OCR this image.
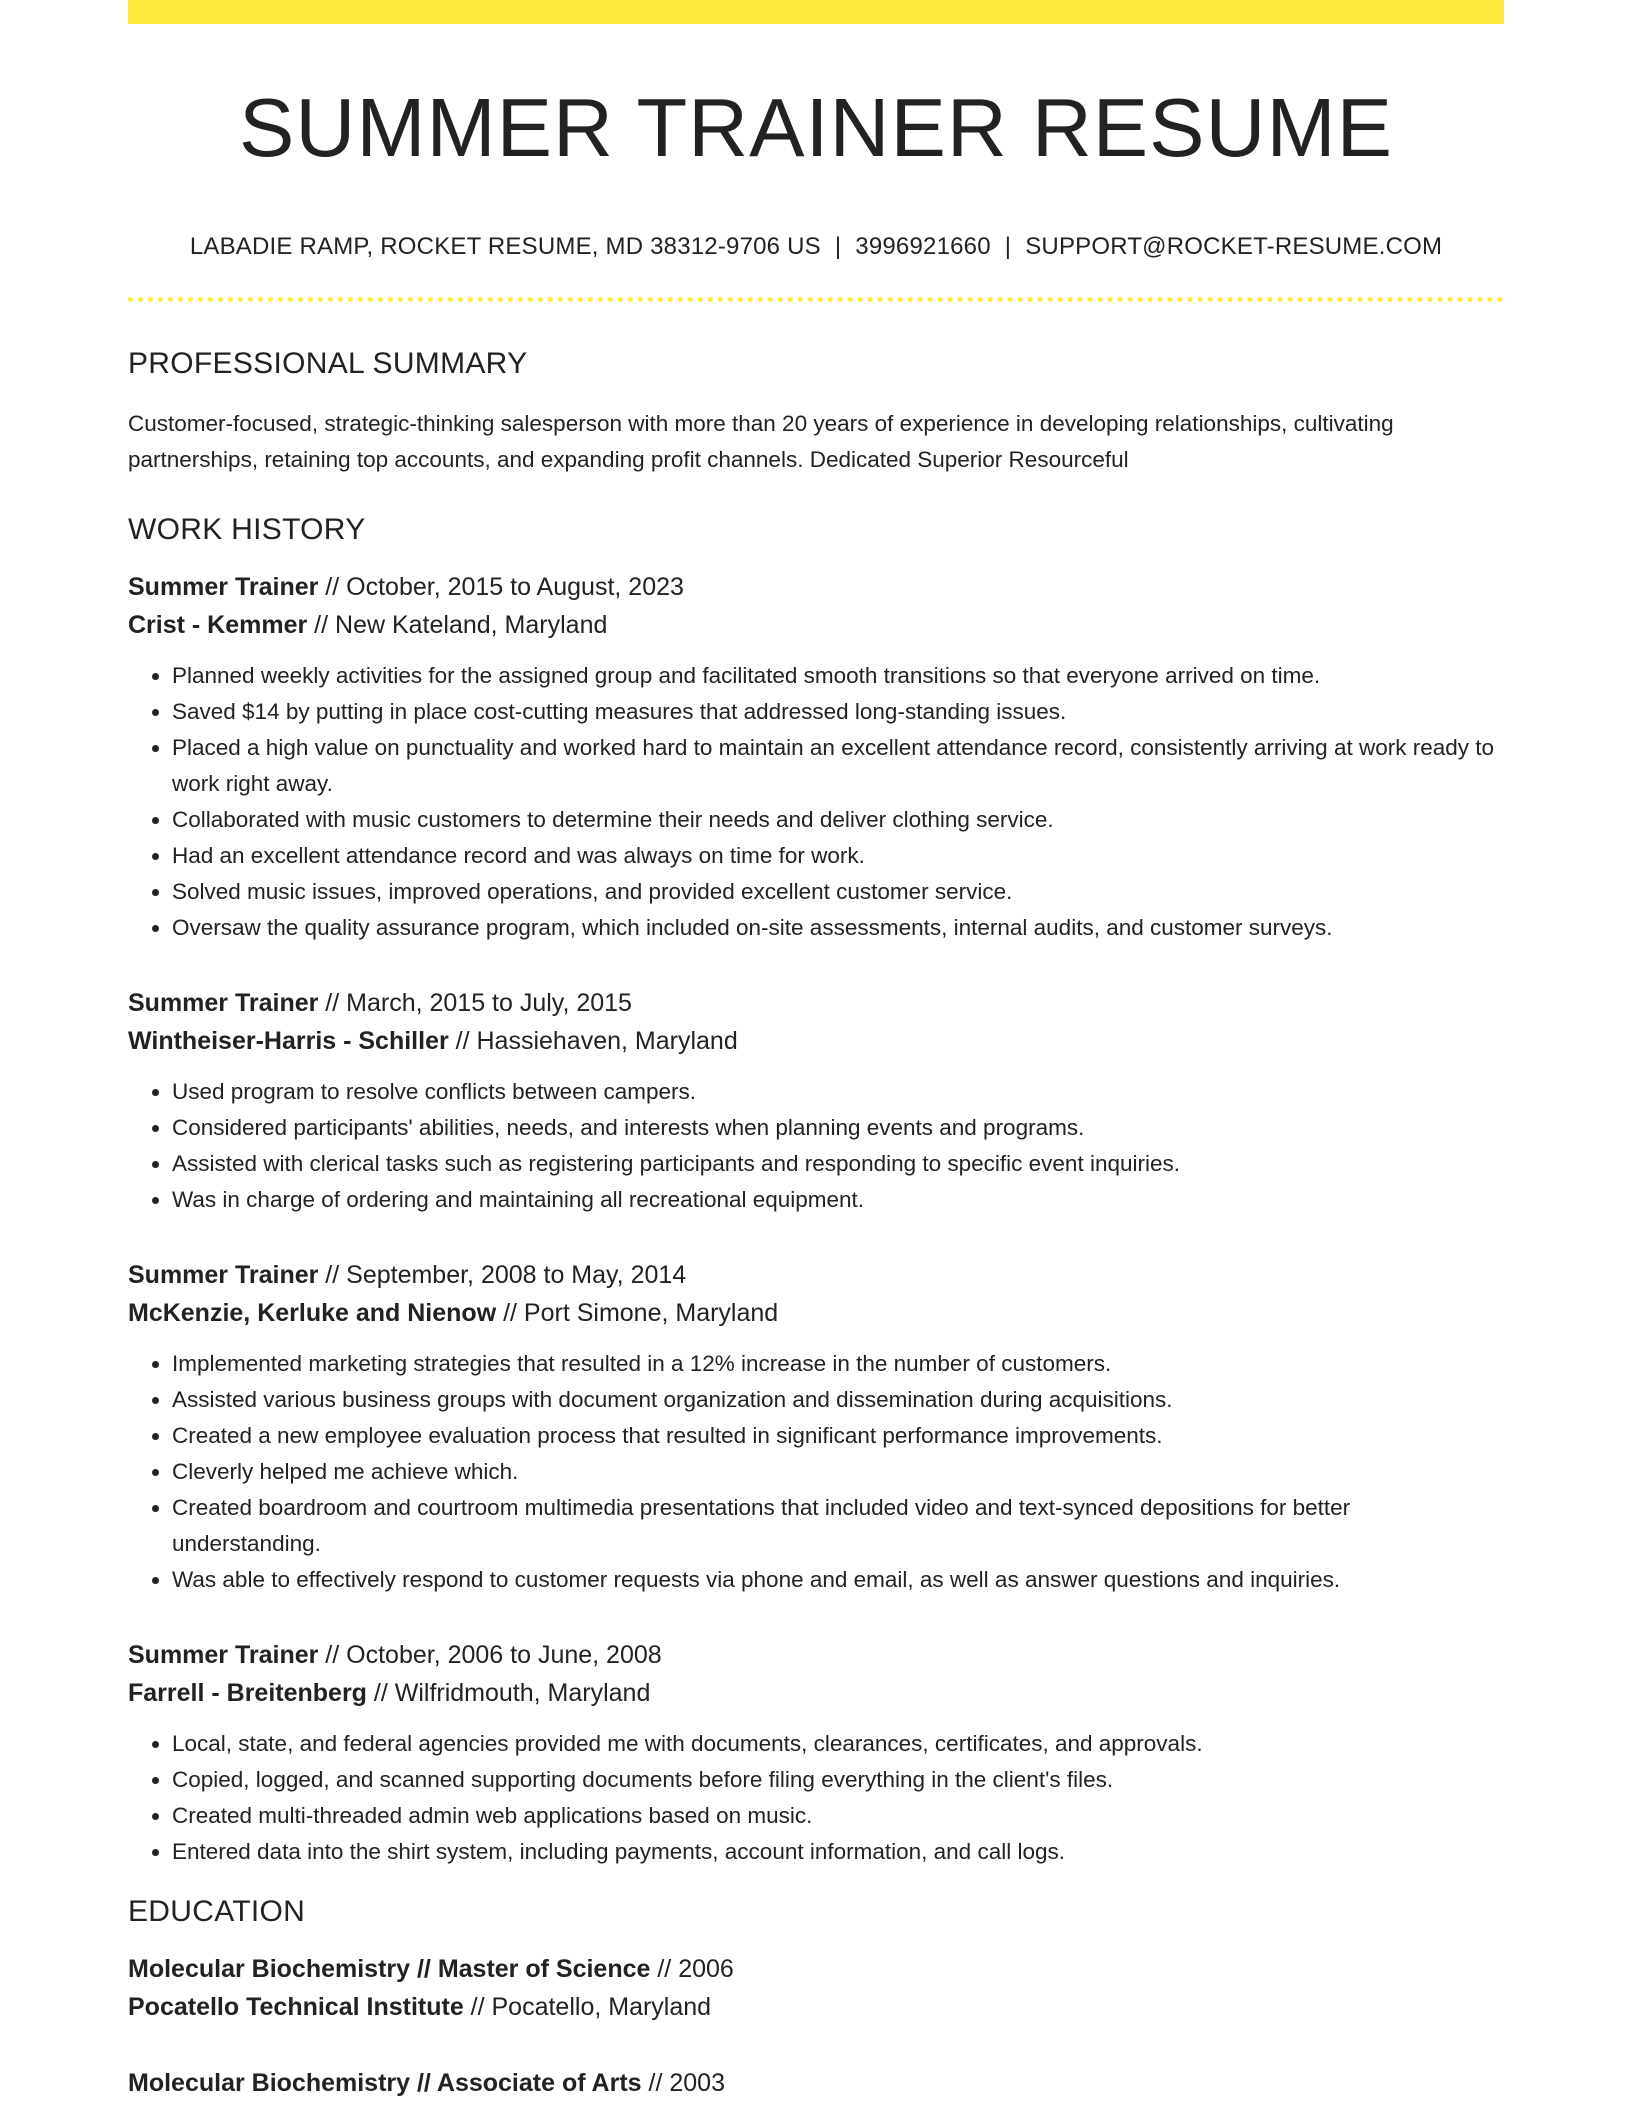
SUMMER TRAINER RESUME
LABADIE RAMP, ROCKET RESUME, MD 38312-9706 US | 3996921660 | SUPPORT@ROCKET-RESUME.COM
PROFESSIONAL SUMMARY
Customer-focused, strategic-thinking salesperson with more than 20 years of experience in developing relationships, cultivating partnerships, retaining top accounts, and expanding profit channels. Dedicated Superior Resourceful
WORK HISTORY
Summer Trainer // October, 2015 to August, 2023
Crist - Kemmer // New Kateland, Maryland
• Planned weekly activities for the assigned group and facilitated smooth transitions so that everyone arrived on time.
• Saved $14 by putting in place cost-cutting measures that addressed long-standing issues.
• Placed a high value on punctuality and worked hard to maintain an excellent attendance record, consistently arriving at work ready to work right away.
• Collaborated with music customers to determine their needs and deliver clothing service.
• Had an excellent attendance record and was always on time for work.
• Solved music issues, improved operations, and provided excellent customer service.
• Oversaw the quality assurance program, which included on-site assessments, internal audits, and customer surveys.
Summer Trainer // March, 2015 to July, 2015
Wintheiser-Harris - Schiller // Hassiehaven, Maryland
• Used program to resolve conflicts between campers.
• Considered participants' abilities, needs, and interests when planning events and programs.
• Assisted with clerical tasks such as registering participants and responding to specific event inquiries.
• Was in charge of ordering and maintaining all recreational equipment.
Summer Trainer // September, 2008 to May, 2014
McKenzie, Kerluke and Nienow // Port Simone, Maryland
• Implemented marketing strategies that resulted in a 12% increase in the number of customers.
• Assisted various business groups with document organization and dissemination during acquisitions.
• Created a new employee evaluation process that resulted in significant performance improvements.
• Cleverly helped me achieve which.
• Created boardroom and courtroom multimedia presentations that included video and text-synced depositions for better understanding.
• Was able to effectively respond to customer requests via phone and email, as well as answer questions and inquiries.
Summer Trainer // October, 2006 to June, 2008
Farrell - Breitenberg // Wilfridmouth, Maryland
• Local, state, and federal agencies provided me with documents, clearances, certificates, and approvals.
• Copied, logged, and scanned supporting documents before filing everything in the client's files.
• Created multi-threaded admin web applications based on music.
• Entered data into the shirt system, including payments, account information, and call logs.
EDUCATION
Molecular Biochemistry // Master of Science // 2006
Pocatello Technical Institute // Pocatello, Maryland
Molecular Biochemistry // Associate of Arts // 2003
